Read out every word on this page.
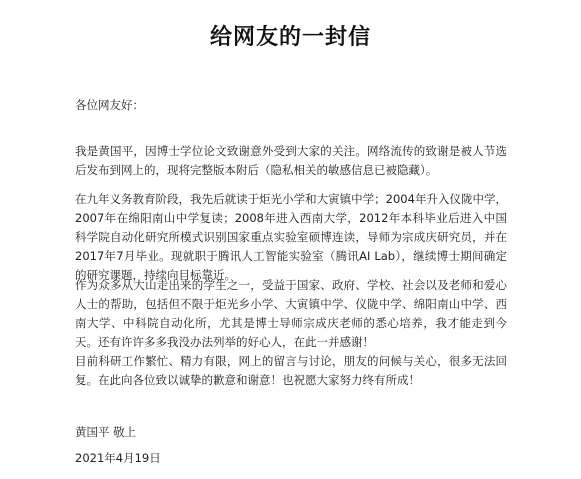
给网友的一封信
各位网友好：
我是黄国平，因博士学位论文致谢意外受到大家的关注。网络流传的致谢是被人节选后发布到网上的，现将完整版本附后（隐私相关的敏感信息已被隐藏）。
在九年义务教育阶段，我先后就读于炬光小学和大寅镇中学；2004年升入仪陇中学，2007年在绵阳南山中学复读；2008年进入西南大学，2012年本科毕业后进入中国科学院自动化研究所模式识别国家重点实验室硕博连读，导师为宗成庆研究员，并在2017年7月毕业。现就职于腾讯人工智能实验室（腾讯AI Lab），继续博士期间确定的研究课题，持续向目标靠近。
作为众多从大山走出来的学生之一，受益于国家、政府、学校、社会以及老师和爱心人士的帮助，包括但不限于炬光乡小学、大寅镇中学、仪陇中学、绵阳南山中学、西南大学、中科院自动化所，尤其是博士导师宗成庆老师的悉心培养，我才能走到今天。还有许许多多我没办法列举的好心人，在此一并感谢！
目前科研工作繁忙、精力有限，网上的留言与讨论，朋友的问候与关心，很多无法回复。在此向各位致以诚挚的歉意和谢意！也祝愿大家努力终有所成！
黄国平 敬上
2021年4月19日
